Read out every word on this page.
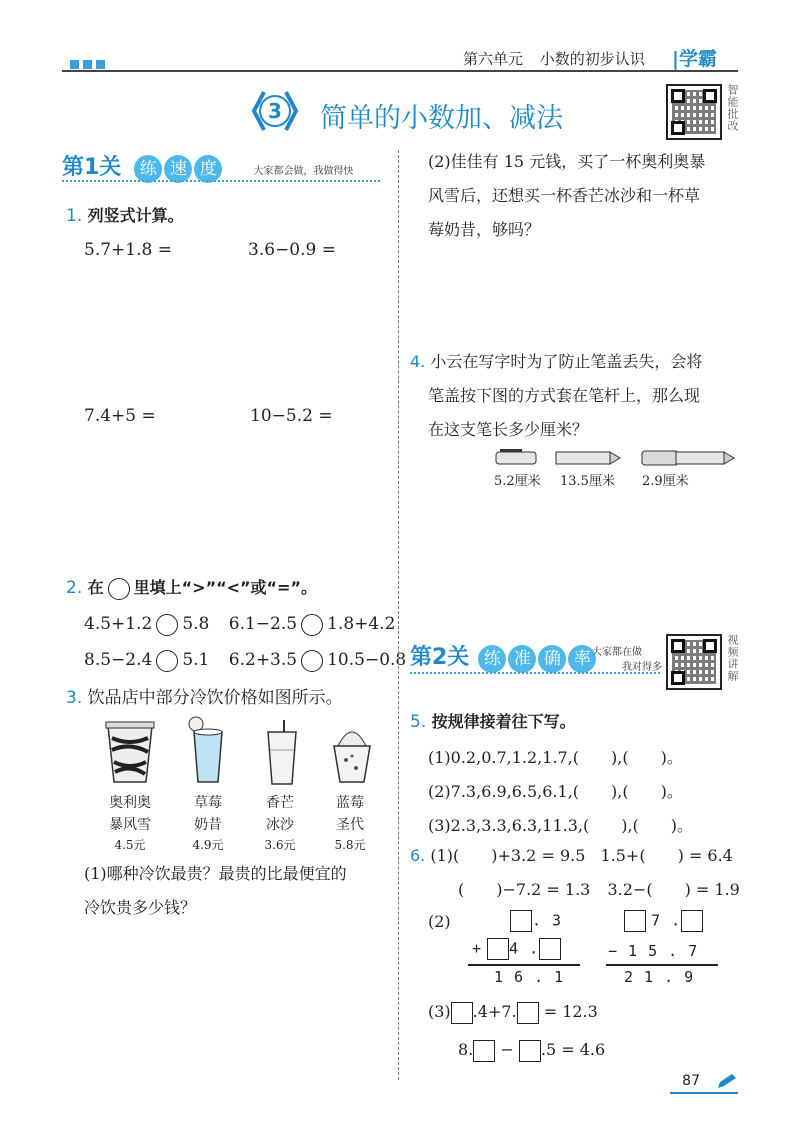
第六单元 小数的初步认识 |学霸
智能批改
3 简单的小数加、减法
第1关 练 速 度	大家都会做，我做得快
1. 列竖式计算。
5.7+1.8 =	3.6−0.9 =
7.4+5 =	10−5.2 =
2. 在 里填上“>”“<”或“=”。
4.5+1.2 5.8 6.1−2.5 1.8+4.2
8.5−2.4 5.1 6.2+3.5 10.5−0.8
3. 饮品店中部分冷饮价格如图所示。
奥利奥
暴风雪
4.5元
草莓
奶昔
4.9元
香芒
冰沙
3.6元
蓝莓
圣代
5.8元
(1)哪种冷饮最贵？最贵的比最便宜的
冷饮贵多少钱？
(2)佳佳有 15 元钱，买了一杯奥利奥暴
风雪后，还想买一杯香芒冰沙和一杯草
莓奶昔，够吗？
4. 小云在写字时为了防止笔盖丢失，会将
笔盖按下图的方式套在笔杆上，那么现
在这支笔长多少厘米？
5.2厘米 13.5厘米 2.9厘米
第2关 练 准 确 率 大家都在做
我对得多	视频讲解
5. 按规律接着往下写。
(1)0.2,0.7,1.2,1.7,(　　),(　　)。
(2)7.3,6.9,6.5,6.1,(　　),(　　)。
(3)2.3,3.3,6.3,11.3,(　　),(　　)。
6. (1)(　　)+3.2 = 9.5 1.5+(　　) = 6.4
(　　)−7.2 = 1.3 3.2−(　　) = 1.9
(2)	. 3
+ 4 .
1 6 . 1
7 .
− 1 5 . 7
2 1 . 9
(3) .4+7. = 12.3
8. − .5 = 4.6
87
